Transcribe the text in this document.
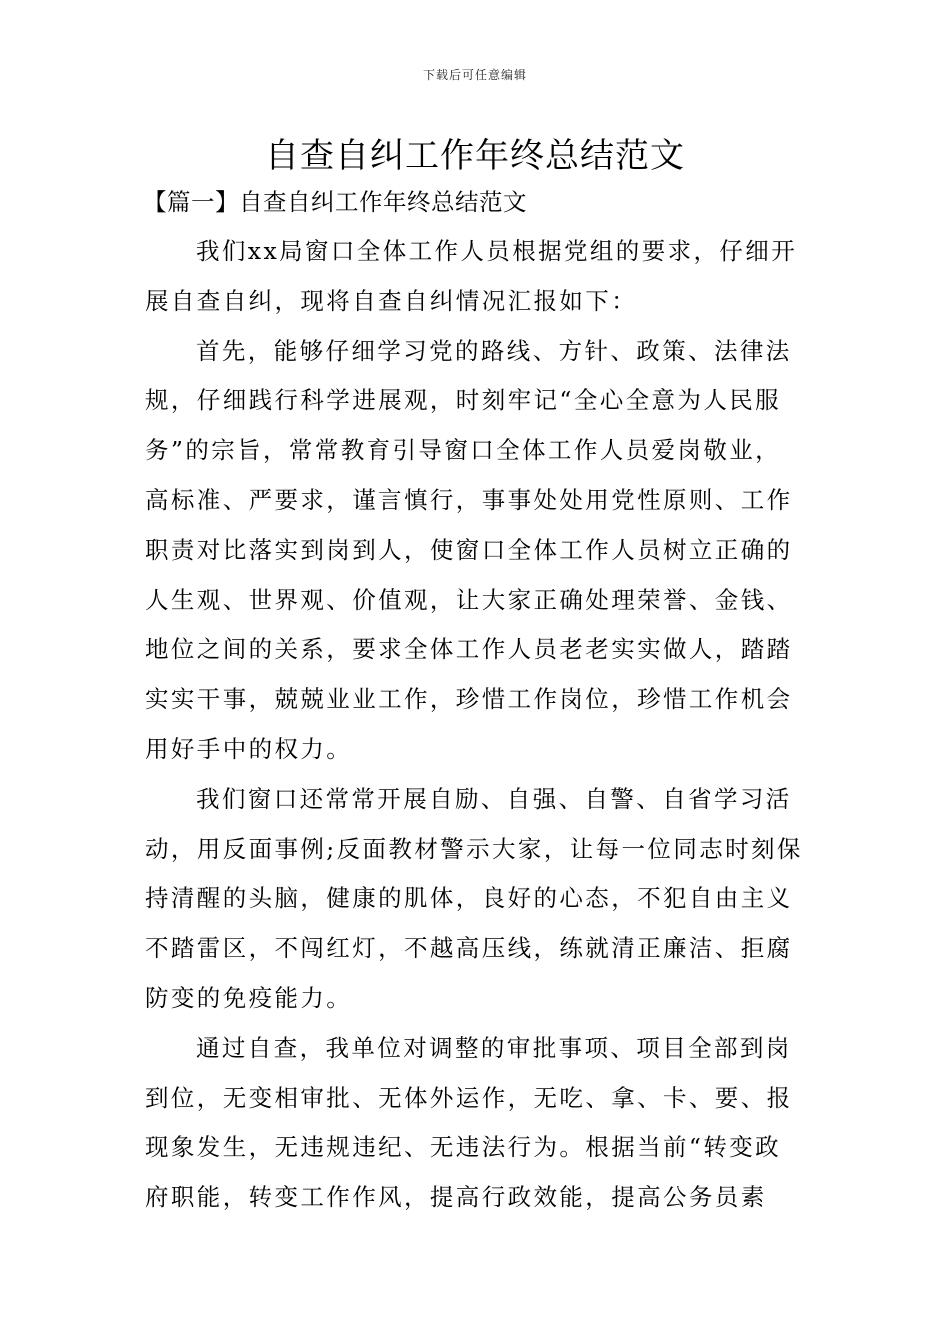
下载后可任意编辑
自查自纠工作年终总结范文
【篇一】自查自纠工作年终总结范文

我们xx局窗口全体工作人员根据党组的要求，仔细开
展自查自纠，现将自查自纠情况汇报如下：

首先，能够仔细学习党的路线、方针、政策、法律法
规，仔细践行科学进展观，时刻牢记“全心全意为人民服
务”的宗旨，常常教育引导窗口全体工作人员爱岗敬业，
高标准、严要求，谨言慎行，事事处处用党性原则、工作
职责对比落实到岗到人，使窗口全体工作人员树立正确的
人生观、世界观、价值观，让大家正确处理荣誉、金钱、
地位之间的关系，要求全体工作人员老老实实做人，踏踏
实实干事，兢兢业业工作，珍惜工作岗位，珍惜工作机会
用好手中的权力。

我们窗口还常常开展自励、自强、自警、自省学习活
动，用反面事例;反面教材警示大家，让每一位同志时刻保
持清醒的头脑，健康的肌体，良好的心态，不犯自由主义
不踏雷区，不闯红灯，不越高压线，练就清正廉洁、拒腐
防变的免疫能力。

通过自查，我单位对调整的审批事项、项目全部到岗
到位，无变相审批、无体外运作，无吃、拿、卡、要、报
现象发生，无违规违纪、无违法行为。根据当前“转变政
府职能，转变工作作风，提高行政效能，提高公务员素
